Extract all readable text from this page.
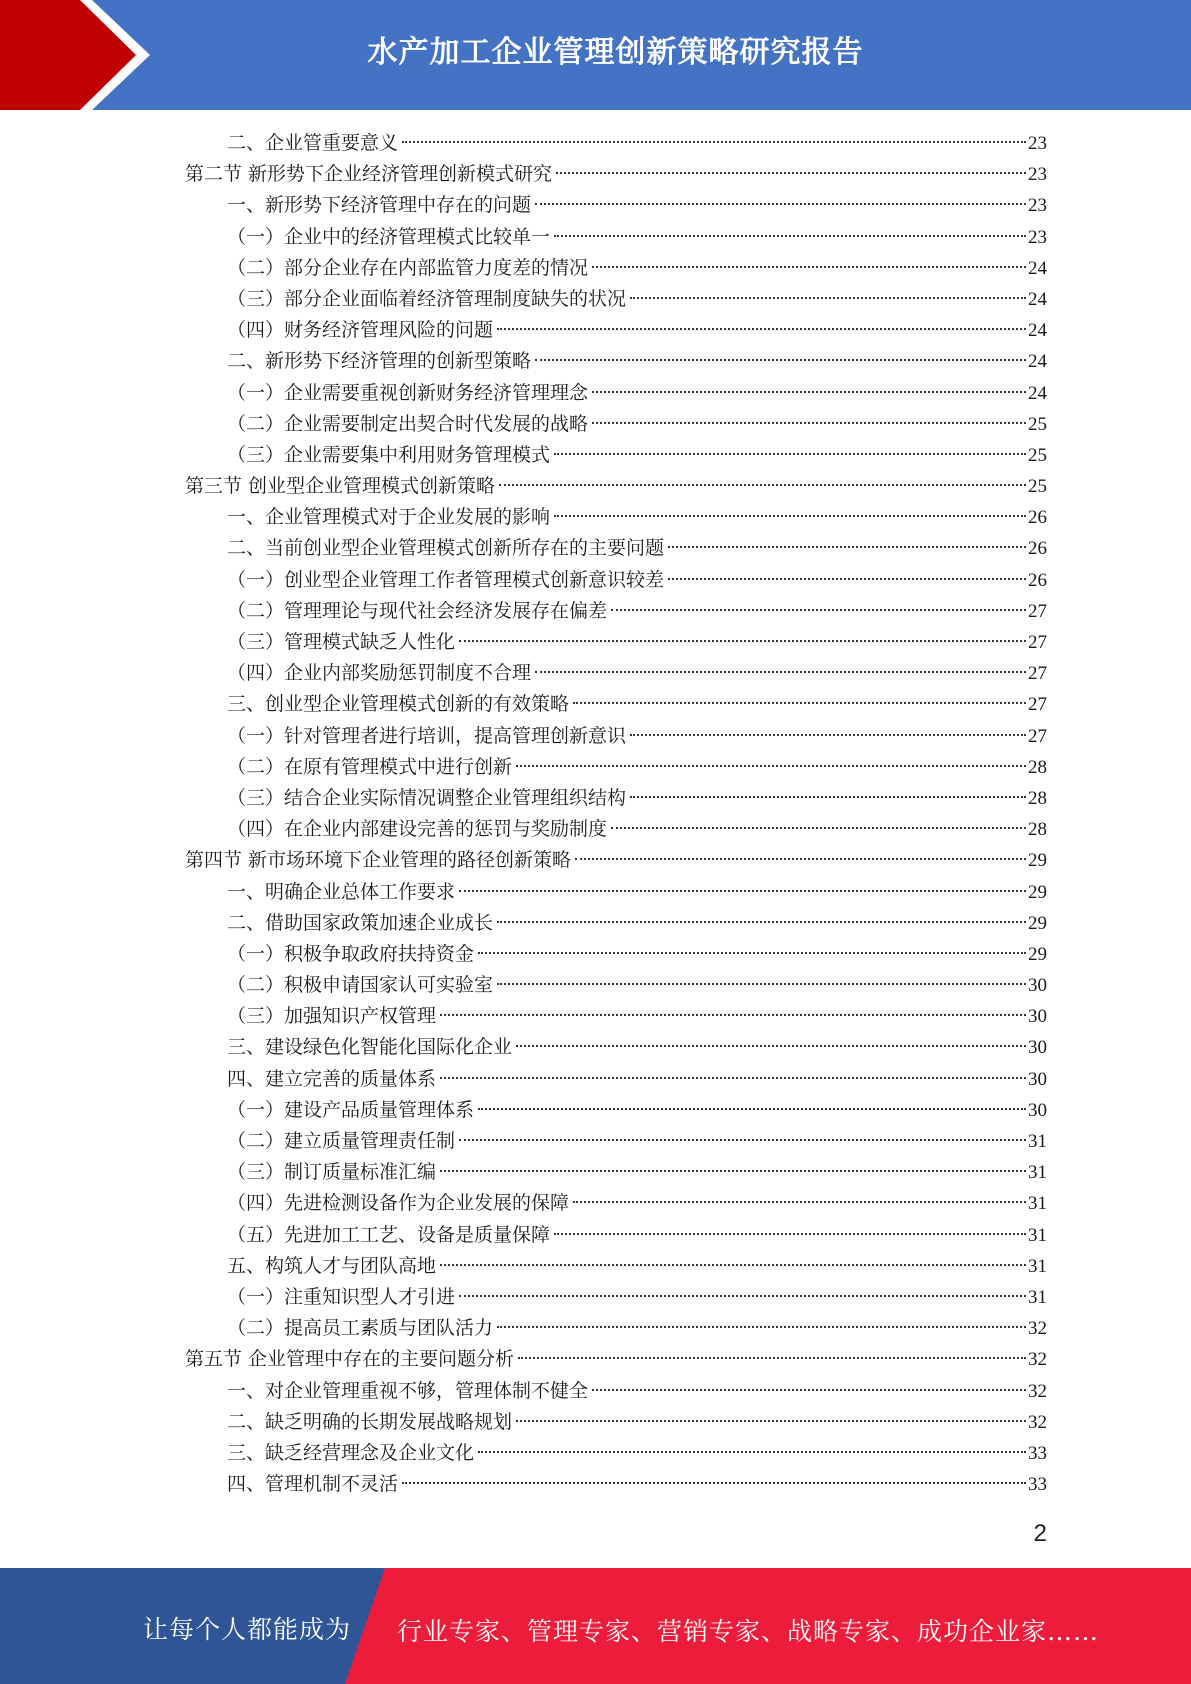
水产加工企业管理创新策略研究报告
二、企业管重要意义	23
第二节 新形势下企业经济管理创新模式研究	23
一、新形势下经济管理中存在的问题	23
（一）企业中的经济管理模式比较单一	23
（二）部分企业存在内部监管力度差的情况	24
（三）部分企业面临着经济管理制度缺失的状况	24
（四）财务经济管理风险的问题	24
二、新形势下经济管理的创新型策略	24
（一）企业需要重视创新财务经济管理理念	24
（二）企业需要制定出契合时代发展的战略	25
（三）企业需要集中利用财务管理模式	25
第三节 创业型企业管理模式创新策略	25
一、企业管理模式对于企业发展的影响	26
二、当前创业型企业管理模式创新所存在的主要问题	26
（一）创业型企业管理工作者管理模式创新意识较差	26
（二）管理理论与现代社会经济发展存在偏差	27
（三）管理模式缺乏人性化	27
（四）企业内部奖励惩罚制度不合理	27
三、创业型企业管理模式创新的有效策略	27
（一）针对管理者进行培训，提高管理创新意识	27
（二）在原有管理模式中进行创新	28
（三）结合企业实际情况调整企业管理组织结构	28
（四）在企业内部建设完善的惩罚与奖励制度	28
第四节 新市场环境下企业管理的路径创新策略	29
一、明确企业总体工作要求	29
二、借助国家政策加速企业成长	29
（一）积极争取政府扶持资金	29
（二）积极申请国家认可实验室	30
（三）加强知识产权管理	30
三、建设绿色化智能化国际化企业	30
四、建立完善的质量体系	30
（一）建设产品质量管理体系	30
（二）建立质量管理责任制	31
（三）制订质量标准汇编	31
（四）先进检测设备作为企业发展的保障	31
（五）先进加工工艺、设备是质量保障	31
五、构筑人才与团队高地	31
（一）注重知识型人才引进	31
（二）提高员工素质与团队活力	32
第五节 企业管理中存在的主要问题分析	32
一、对企业管理重视不够，管理体制不健全	32
二、缺乏明确的长期发展战略规划	32
三、缺乏经营理念及企业文化	33
四、管理机制不灵活	33
2
让每个人都能成为 行业专家、管理专家、营销专家、战略专家、成功企业家……
